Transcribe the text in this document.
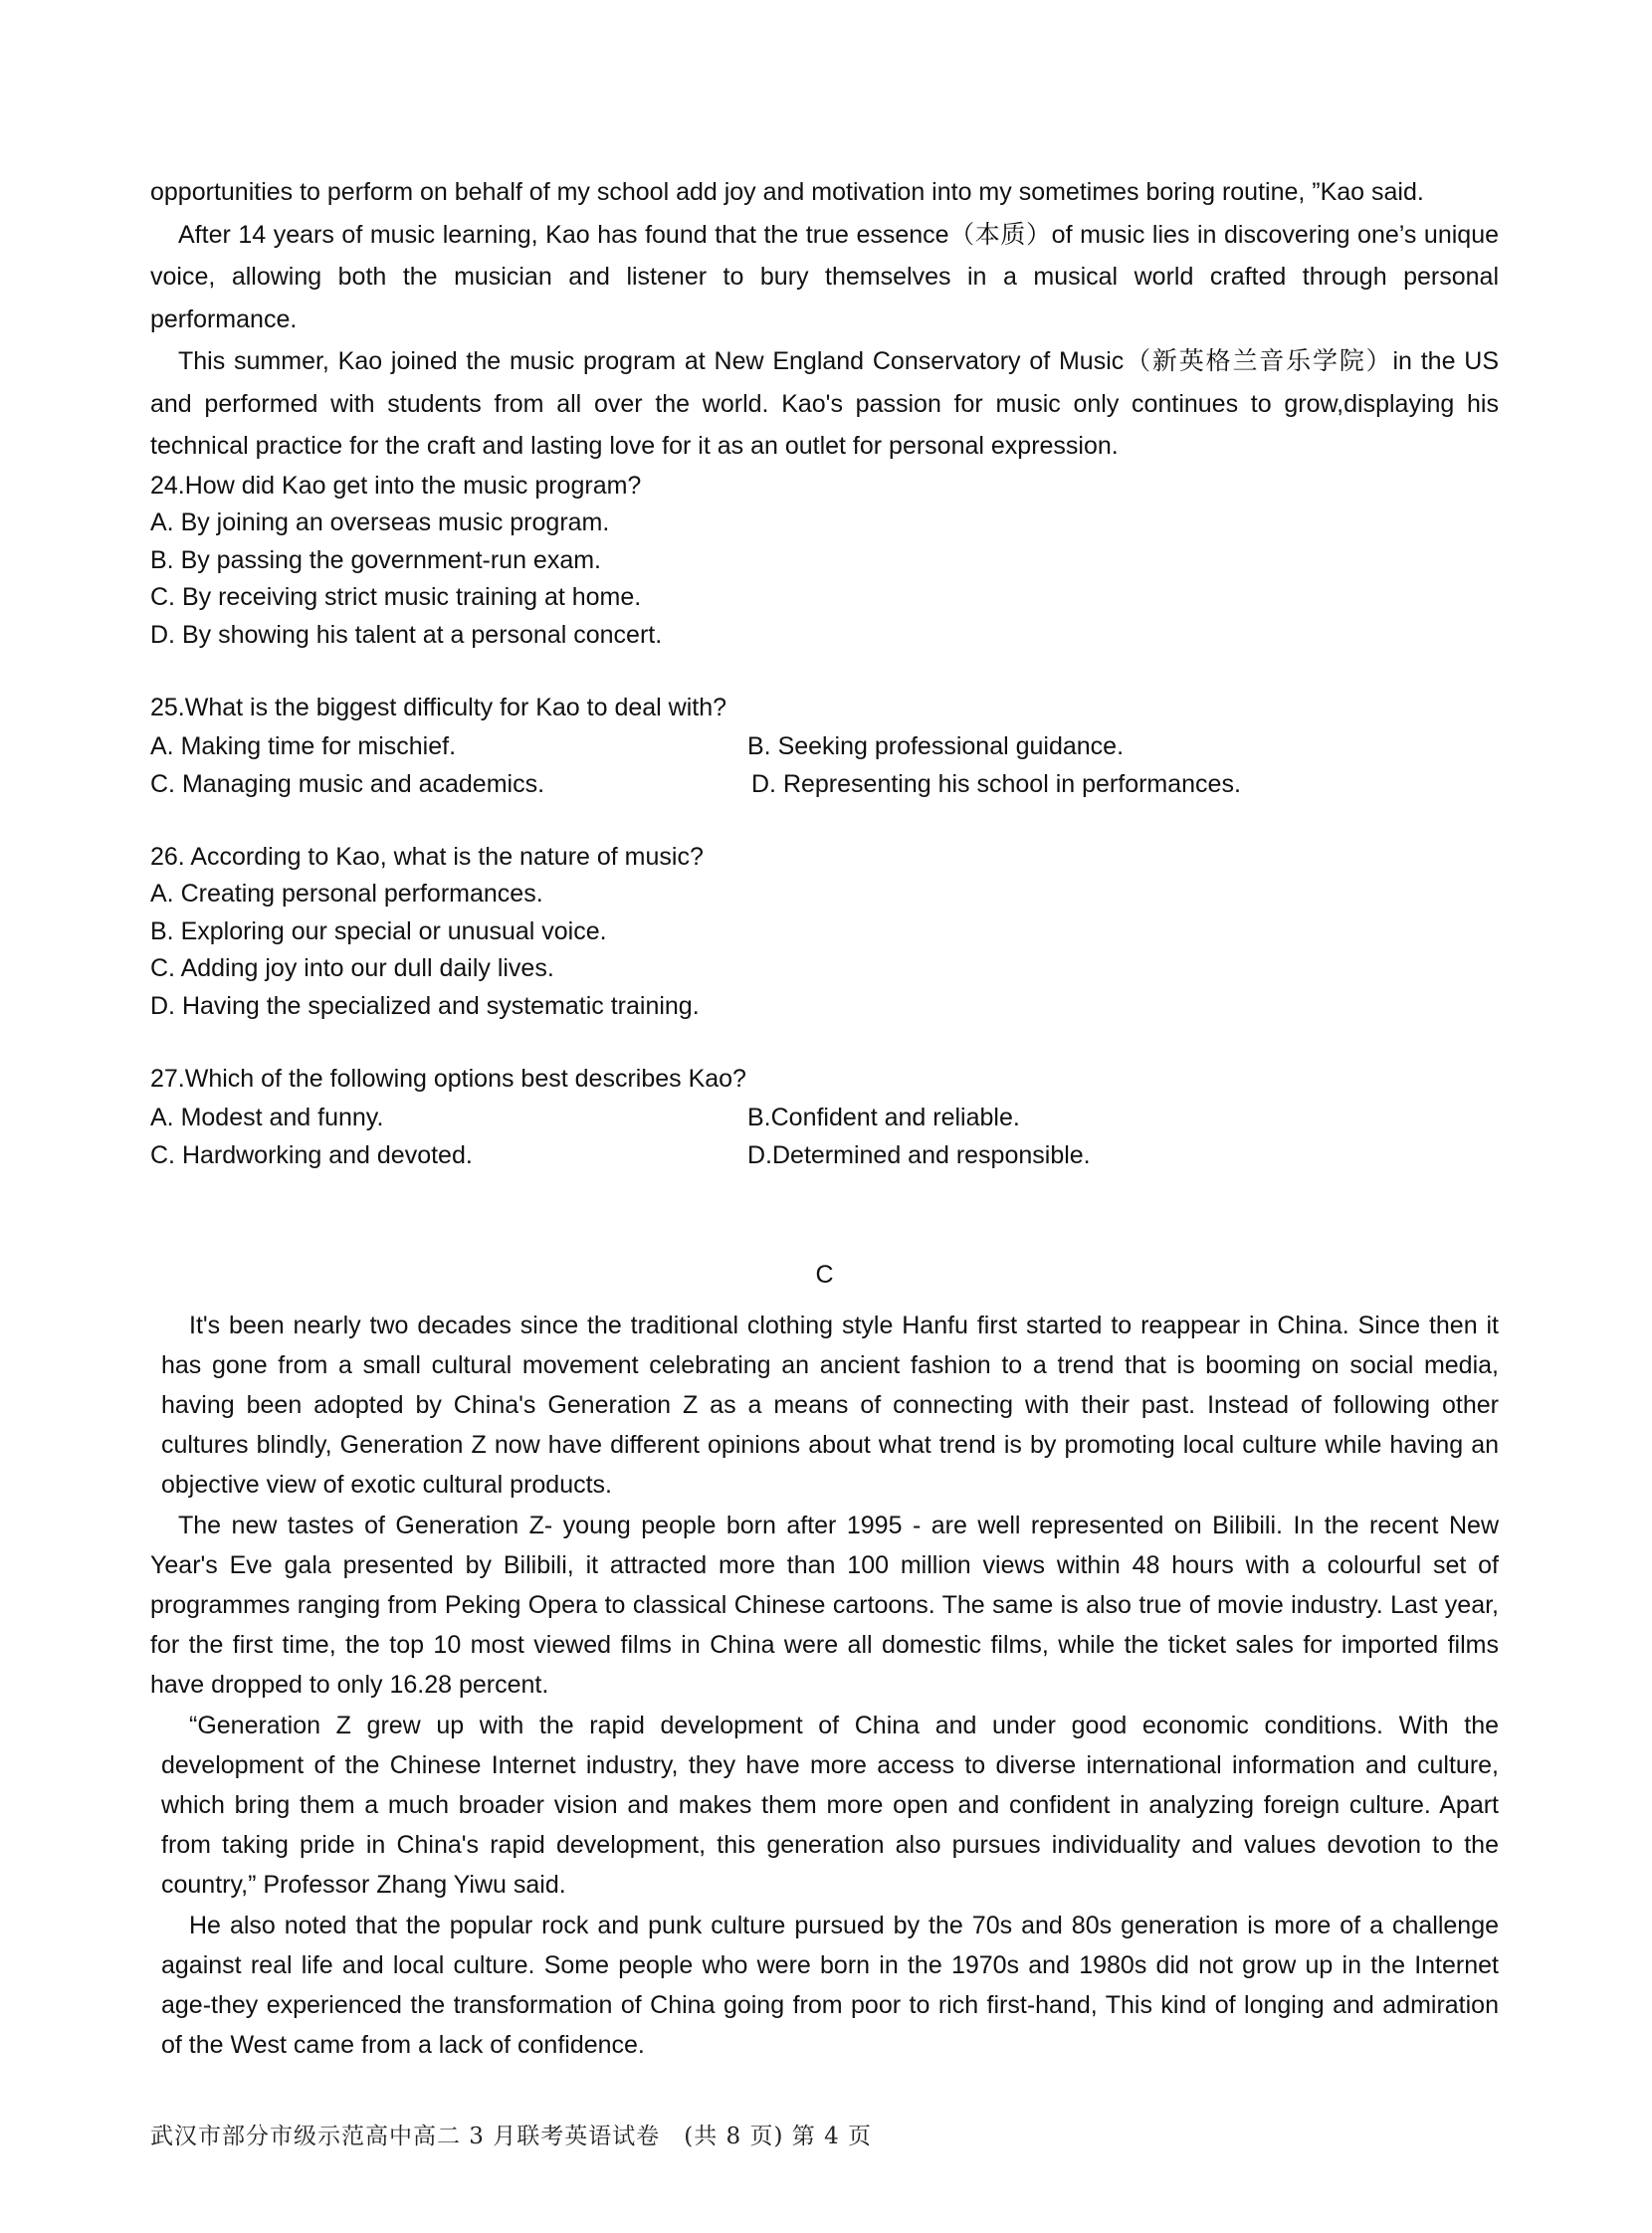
opportunities to perform on behalf of my school add joy and motivation into my sometimes boring routine, ”Kao said.

After 14 years of music learning, Kao has found that the true essence（本质）of music lies in discovering one’s unique voice, allowing both the musician and listener to bury themselves in a musical world crafted through personal performance.

This summer, Kao joined the music program at New England Conservatory of Music（新英格兰音乐学院）in the US and performed with students from all over the world. Kao's passion for music only continues to grow,displaying his technical practice for the craft and lasting love for it as an outlet for personal expression.

24.How did Kao get into the music program?

A. By joining an overseas music program.

B. By passing the government-run exam.

C. By receiving strict music training at home.

D. By showing his talent at a personal concert.

25.What is the biggest difficulty for Kao to deal with?

A. Making time for mischief.	B. Seeking professional guidance.
C. Managing music and academics.	D. Representing his school in performances.

26. According to Kao, what is the nature of music?

A. Creating personal performances.

B. Exploring our special or unusual voice.

C. Adding joy into our dull daily lives.

D. Having the specialized and systematic training.

27.Which of the following options best describes Kao?

A. Modest and funny.	B.Confident and reliable.
C. Hardworking and devoted.	D.Determined and responsible.
C

It's been nearly two decades since the traditional clothing style Hanfu first started to reappear in China. Since then it has gone from a small cultural movement celebrating an ancient fashion to a trend that is booming on social media, having been adopted by China's Generation Z as a means of connecting with their past. Instead of following other cultures blindly, Generation Z now have different opinions about what trend is by promoting local culture while having an objective view of exotic cultural products.

The new tastes of Generation Z- young people born after 1995 - are well represented on Bilibili. In the recent New Year's Eve gala presented by Bilibili, it attracted more than 100 million views within 48 hours with a colourful set of programmes ranging from Peking Opera to classical Chinese cartoons. The same is also true of movie industry. Last year, for the first time, the top 10 most viewed films in China were all domestic films, while the ticket sales for imported films have dropped to only 16.28 percent.

“Generation Z grew up with the rapid development of China and under good economic conditions. With the development of the Chinese Internet industry, they have more access to diverse international information and culture, which bring them a much broader vision and makes them more open and confident in analyzing foreign culture. Apart from taking pride in China's rapid development, this generation also pursues individuality and values devotion to the country,” Professor Zhang Yiwu said.

He also noted that the popular rock and punk culture pursued by the 70s and 80s generation is more of a challenge against real life and local culture. Some people who were born in the 1970s and 1980s did not grow up in the Internet age-they experienced the transformation of China going from poor to rich first-hand, This kind of longing and admiration of the West came from a lack of confidence.

武汉市部分市级示范高中高二 3 月联考英语试卷　(共 8 页) 第 4 页
